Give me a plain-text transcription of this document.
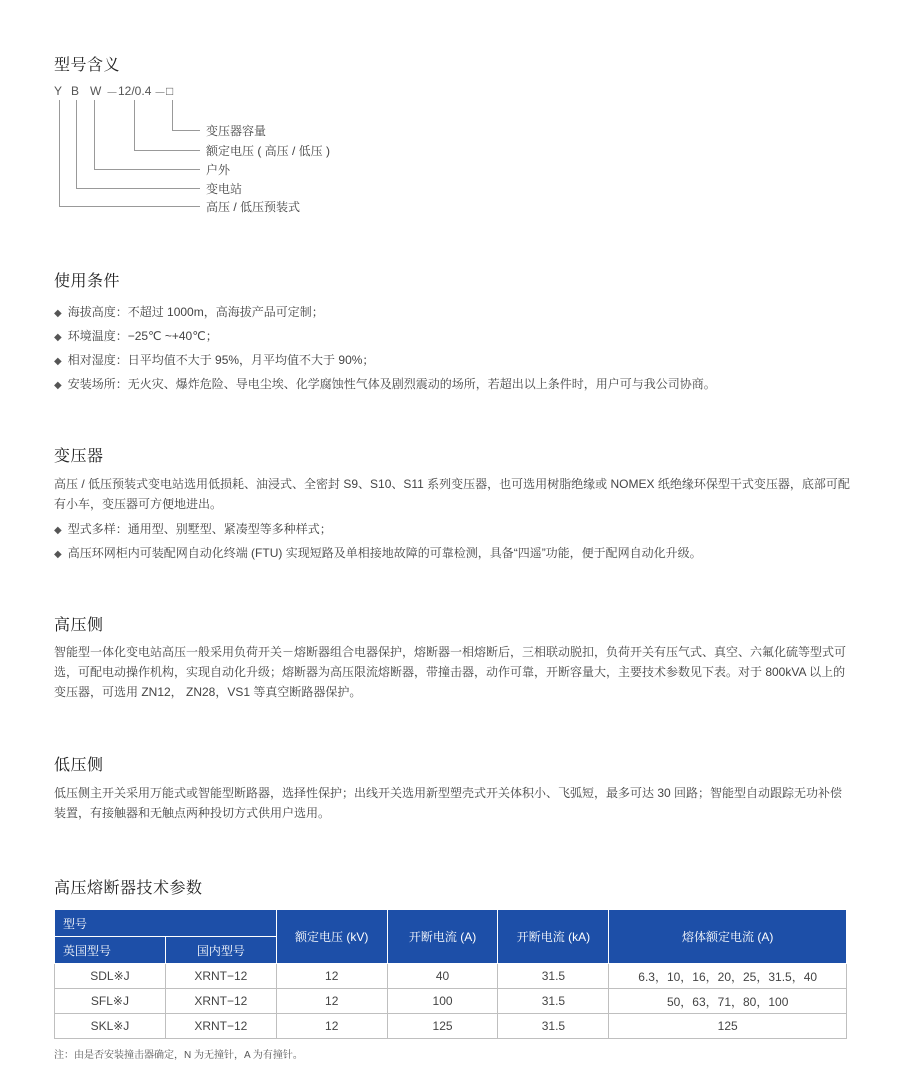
型号含义
Y B W － 12/0.4 － □
变压器容量
额定电压 ( 高压 / 低压 )
户外
变电站
高压 / 低压预装式
使用条件
◆ 海拔高度：不超过 1000m，高海拔产品可定制；
◆ 环境温度：−25℃ ~+40℃；
◆ 相对湿度：日平均值不大于 95%，月平均值不大于 90%；
◆ 安装场所：无火灾、爆炸危险、导电尘埃、化学腐蚀性气体及剧烈震动的场所，若超出以上条件时，用户可与我公司协商。
变压器

高压 / 低压预装式变电站选用低损耗、油浸式、全密封 S9、S10、S11 系列变压器，也可选用树脂绝缘或 NOMEX 纸绝缘环保型干式变压器，底部可配有小车，变压器可方便地进出。

◆ 型式多样：通用型、别墅型、紧凑型等多种样式；
◆ 高压环网柜内可装配网自动化终端 (FTU) 实现短路及单相接地故障的可靠检测，具备“四遥”功能，便于配网自动化升级。
高压侧

智能型一体化变电站高压一般采用负荷开关－熔断器组合电器保护，熔断器一相熔断后，三相联动脱扣，负荷开关有压气式、真空、六氟化硫等型式可选，可配电动操作机构，实现自动化升级；熔断器为高压限流熔断器，带撞击器，动作可靠，开断容量大，主要技术参数见下表。对于 800kVA 以上的变压器，可选用 ZN12， ZN28，VS1 等真空断路器保护。

低压侧

低压侧主开关采用万能式或智能型断路器，选择性保护；出线开关选用新型塑壳式开关体积小、飞弧短，最多可达 30 回路；智能型自动跟踪无功补偿装置，有接触器和无触点两种投切方式供用户选用。

高压熔断器技术参数
型号		额定电压 (kV)	开断电流 (A)	开断电流 (kA)	熔体额定电流 (A)
英国型号	国内型号				
SDL※J	XRNT−12	12	40	31.5	6.3，10，16，20，25，31.5，40
SFL※J	XRNT−12	12	100	31.5	50，63，71，80，100
SKL※J	XRNT−12	12	125	31.5	125
注：由是否安装撞击器确定，N 为无撞针，A 为有撞针。
